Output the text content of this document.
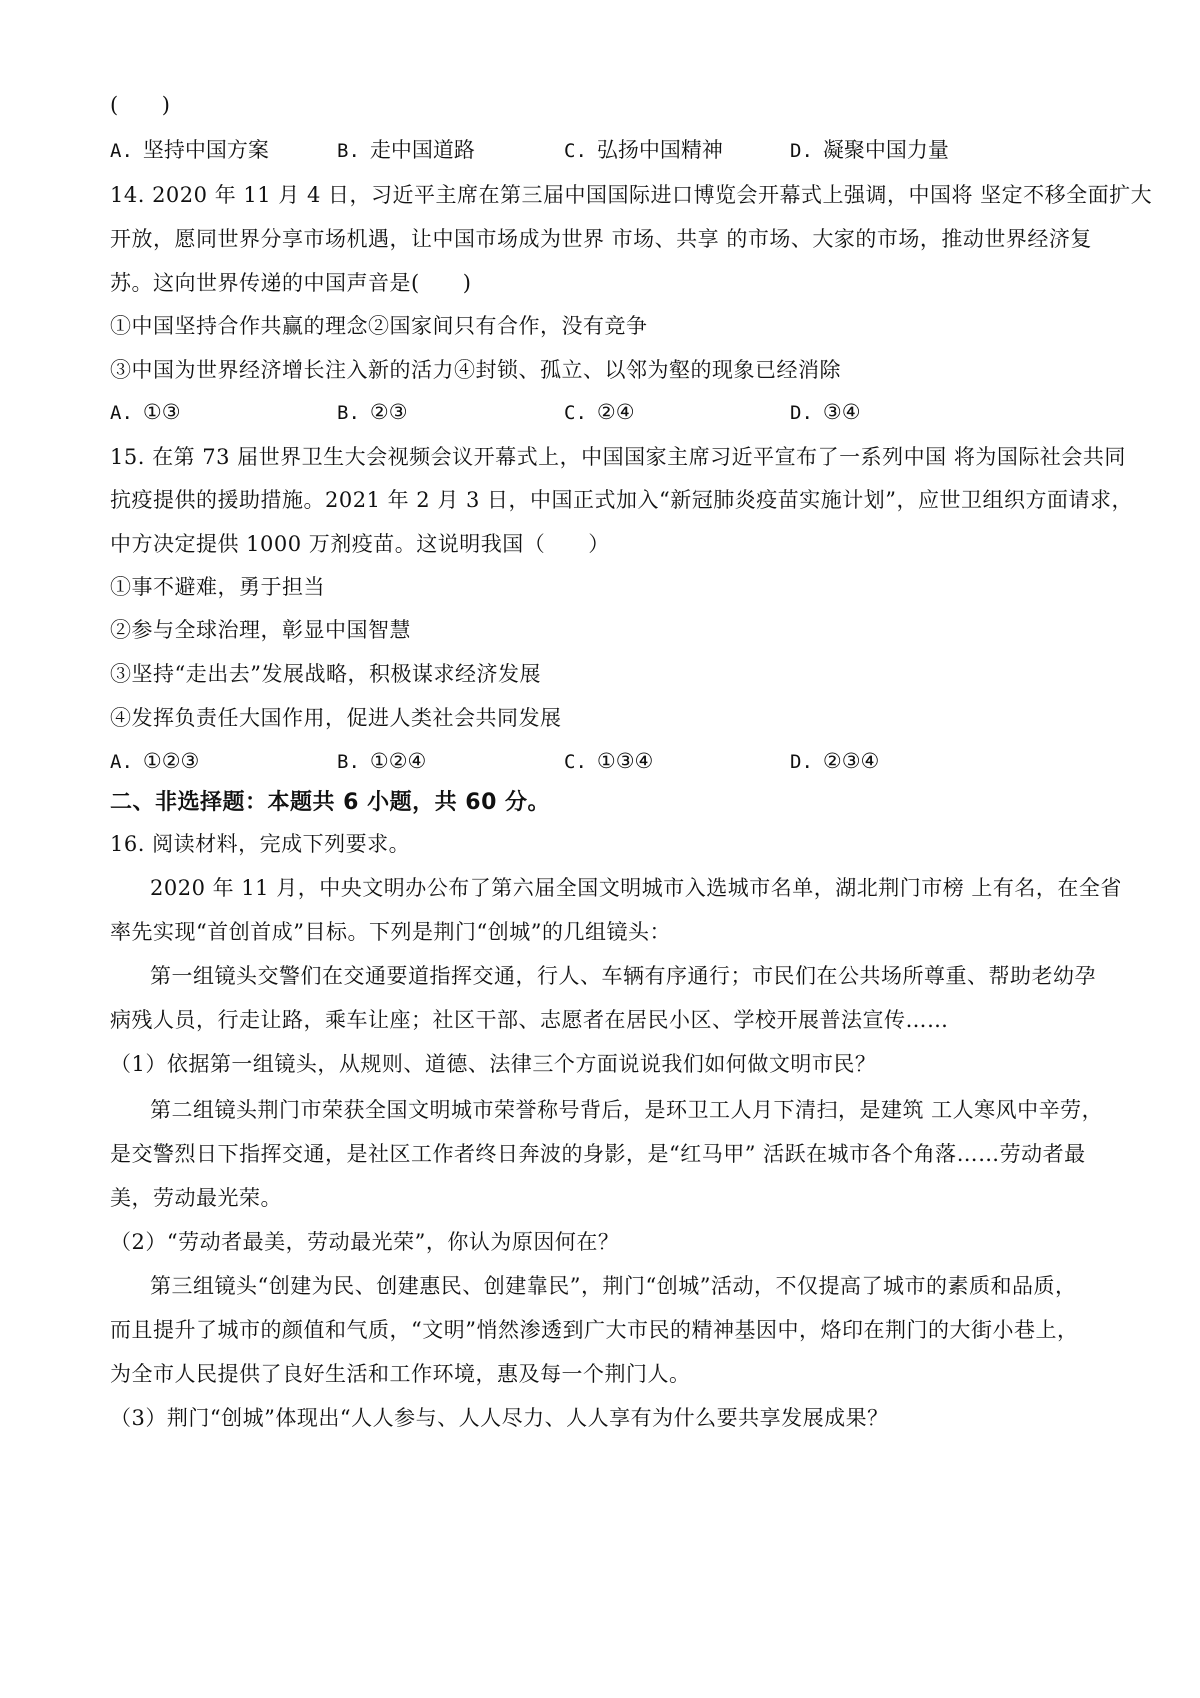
(　　)
A. 坚持中国方案	B. 走中国道路	C. 弘扬中国精神	D. 凝聚中国力量
14. 2020 年 11 月 4 日，习近平主席在第三届中国国际进口博览会开幕式上强调，中国将 坚定不移全面扩大
开放，愿同世界分享市场机遇，让中国市场成为世界 市场、共享 的市场、大家的市场，推动世界经济复
苏。这向世界传递的中国声音是(　　)
①中国坚持合作共赢的理念②国家间只有合作，没有竞争
③中国为世界经济增长注入新的活力④封锁、孤立、以邻为壑的现象已经消除
A. ①③	B. ②③	C. ②④	D. ③④
15. 在第 73 届世界卫生大会视频会议开幕式上，中国国家主席习近平宣布了一系列中国 将为国际社会共同
抗疫提供的援助措施。2021 年 2 月 3 日，中国正式加入“新冠肺炎疫苗实施计划”，应世卫组织方面请求，
中方决定提供 1000 万剂疫苗。这说明我国（　　）
①事不避难，勇于担当
②参与全球治理，彰显中国智慧
③坚持“走出去”发展战略，积极谋求经济发展
④发挥负责任大国作用，促进人类社会共同发展
A. ①②③	B. ①②④	C. ①③④	D. ②③④
二、非选择题：本题共 6 小题，共 60 分。
16. 阅读材料，完成下列要求。
2020 年 11 月，中央文明办公布了第六届全国文明城市入选城市名单，湖北荆门市榜 上有名，在全省
率先实现“首创首成”目标。下列是荆门“创城”的几组镜头：
第一组镜头交警们在交通要道指挥交通，行人、车辆有序通行；市民们在公共场所尊重、帮助老幼孕
病残人员，行走让路，乘车让座；社区干部、志愿者在居民小区、学校开展普法宣传……
（1）依据第一组镜头，从规则、道德、法律三个方面说说我们如何做文明市民？
第二组镜头荆门市荣获全国文明城市荣誉称号背后，是环卫工人月下清扫，是建筑 工人寒风中辛劳，
是交警烈日下指挥交通，是社区工作者终日奔波的身影，是“红马甲” 活跃在城市各个角落……劳动者最
美，劳动最光荣。
（2）“劳动者最美，劳动最光荣”，你认为原因何在？
第三组镜头“创建为民、创建惠民、创建靠民”，荆门“创城”活动，不仅提高了城市的素质和品质，
而且提升了城市的颜值和气质，“文明”悄然渗透到广大市民的精神基因中，烙印在荆门的大街小巷上，
为全市人民提供了良好生活和工作环境，惠及每一个荆门人。
（3）荆门“创城”体现出“人人参与、人人尽力、人人享有为什么要共享发展成果？
